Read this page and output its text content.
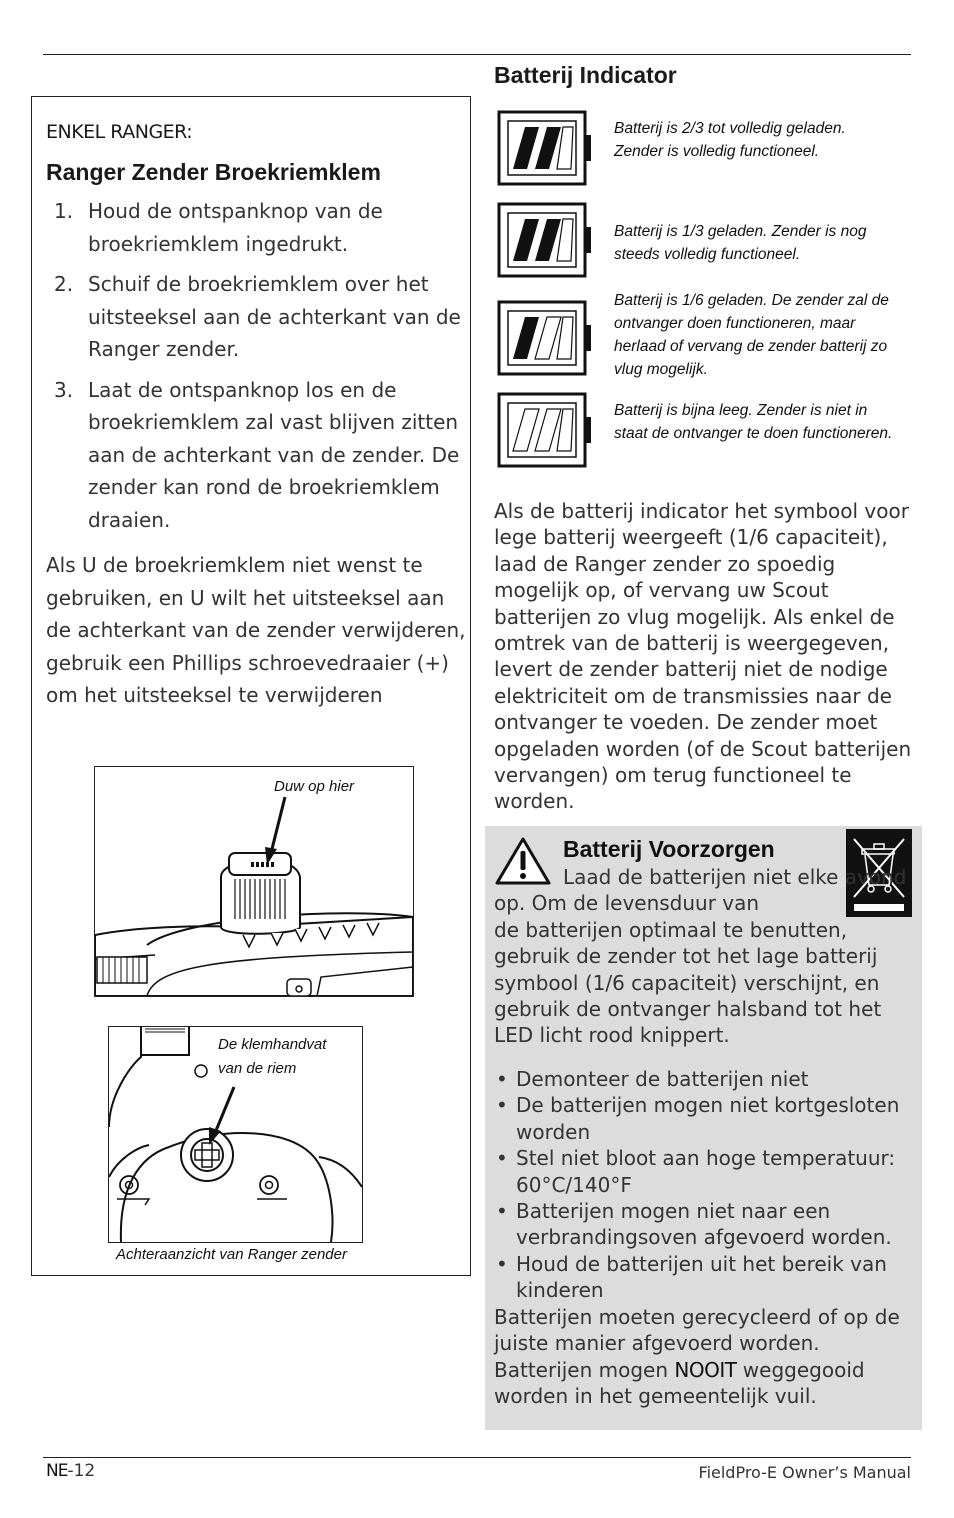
ENKEL RANGER:

Ranger Zender Broekriemklem
1. Houd de ontspanknop van de broekriemklem ingedrukt.
2. Schuif de broekriemklem over het uitsteeksel aan de achterkant van de Ranger zender.
3. Laat de ontspanknop los en de broekriemklem zal vast blijven zitten aan de achterkant van de zender. De zender kan rond de broekriemklem draaien.

Als U de broekriemklem niet wenst te gebruiken, en U wilt het uitsteeksel aan de achterkant van de zender verwijderen, gebruik een Phillips schroevedraaier (+) om het uitsteeksel te verwijderen

Duw op hier
De klemhandvat
van de riem
Achteraanzicht van Ranger zender
Batterij Indicator
Batterij is 2/3 tot volledig geladen.
Zender is volledig functioneel.
Batterij is 1/3 geladen. Zender is nog
steeds volledig functioneel.
Batterij is 1/6 geladen. De zender zal de
ontvanger doen functioneren, maar
herlaad of vervang de zender batterij zo
vlug mogelijk.
Batterij is bijna leeg. Zender is niet in
staat de ontvanger te doen functioneren.

Als de batterij indicator het symbool voor lege batterij weergeeft (1/6 capaciteit), laad de Ranger zender zo spoedig mogelijk op, of vervang uw Scout batterijen zo vlug mogelijk. Als enkel de omtrek van de batterij is weergegeven, levert de zender batterij niet de nodige elektriciteit om de transmissies naar de ontvanger te voeden. De zender moet opgeladen worden (of de Scout batterijen vervangen) om terug functioneel te worden.

Batterij Voorzorgen

Laad de batterijen niet elke avond op. Om de levensduur van
de batterijen optimaal te benutten, gebruik de zender tot het lage batterij symbool (1/6 capaciteit) verschijnt, en gebruik de ontvanger halsband tot het LED licht rood knippert.

• Demonteer de batterijen niet
• De batterijen mogen niet kortgesloten worden
• Stel niet bloot aan hoge temperatuur: 60°C/140°F
• Batterijen mogen niet naar een verbrandingsoven afgevoerd worden.
• Houd de batterijen uit het bereik van kinderen

Batterijen moeten gerecycleerd of op de juiste manier afgevoerd worden. Batterijen mogen NOOIT weggegooid worden in het gemeentelijk vuil.

NE-12	FieldPro-E Owner’s Manual
